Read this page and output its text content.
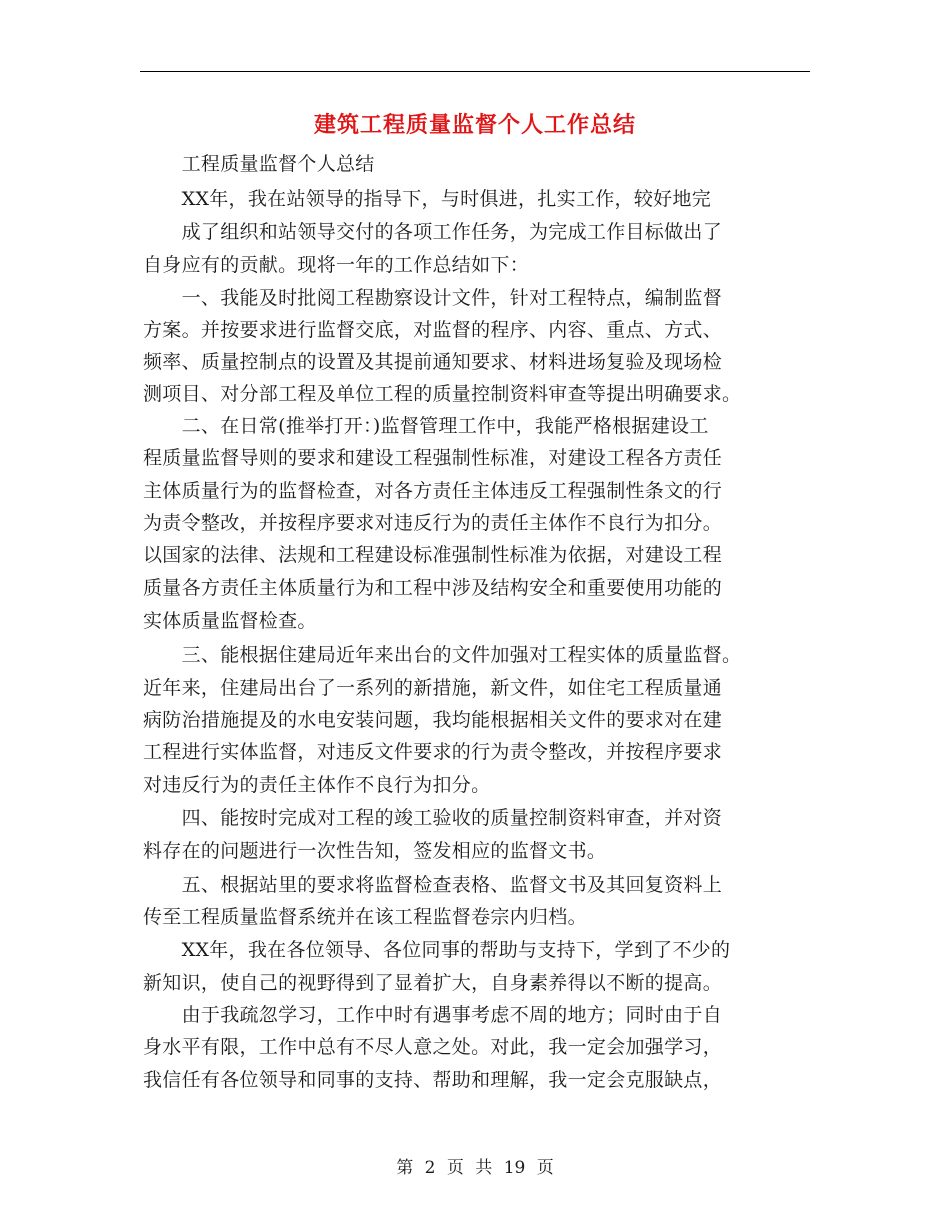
建筑工程质量监督个人工作总结
　　工程质量监督个人总结
　　XX年，我在站领导的指导下，与时俱进，扎实工作，较好地完
　　成了组织和站领导交付的各项工作任务，为完成工作目标做出了
自身应有的贡献。现将一年的工作总结如下：
　　一、我能及时批阅工程勘察设计文件，针对工程特点，编制监督
方案。并按要求进行监督交底，对监督的程序、内容、重点、方式、
频率、质量控制点的设置及其提前通知要求、材料进场复验及现场检
测项目、对分部工程及单位工程的质量控制资料审查等提出明确要求。
　　二、在日常(推举打开：)监督管理工作中，我能严格根据建设工
程质量监督导则的要求和建设工程强制性标准，对建设工程各方责任
主体质量行为的监督检查，对各方责任主体违反工程强制性条文的行
为责令整改，并按程序要求对违反行为的责任主体作不良行为扣分。
以国家的法律、法规和工程建设标准强制性标准为依据，对建设工程
质量各方责任主体质量行为和工程中涉及结构安全和重要使用功能的
实体质量监督检查。
　　三、能根据住建局近年来出台的文件加强对工程实体的质量监督。
近年来，住建局出台了一系列的新措施，新文件，如住宅工程质量通
病防治措施提及的水电安装问题，我均能根据相关文件的要求对在建
工程进行实体监督，对违反文件要求的行为责令整改，并按程序要求
对违反行为的责任主体作不良行为扣分。
　　四、能按时完成对工程的竣工验收的质量控制资料审查，并对资
料存在的问题进行一次性告知，签发相应的监督文书。
　　五、根据站里的要求将监督检查表格、监督文书及其回复资料上
传至工程质量监督系统并在该工程监督卷宗内归档。
　　XX年，我在各位领导、各位同事的帮助与支持下，学到了不少的
新知识，使自己的视野得到了显着扩大，自身素养得以不断的提高。
　　由于我疏忽学习，工作中时有遇事考虑不周的地方；同时由于自
身水平有限，工作中总有不尽人意之处。对此，我一定会加强学习，
我信任有各位领导和同事的支持、帮助和理解，我一定会克服缺点，
第 2 页 共 19 页
